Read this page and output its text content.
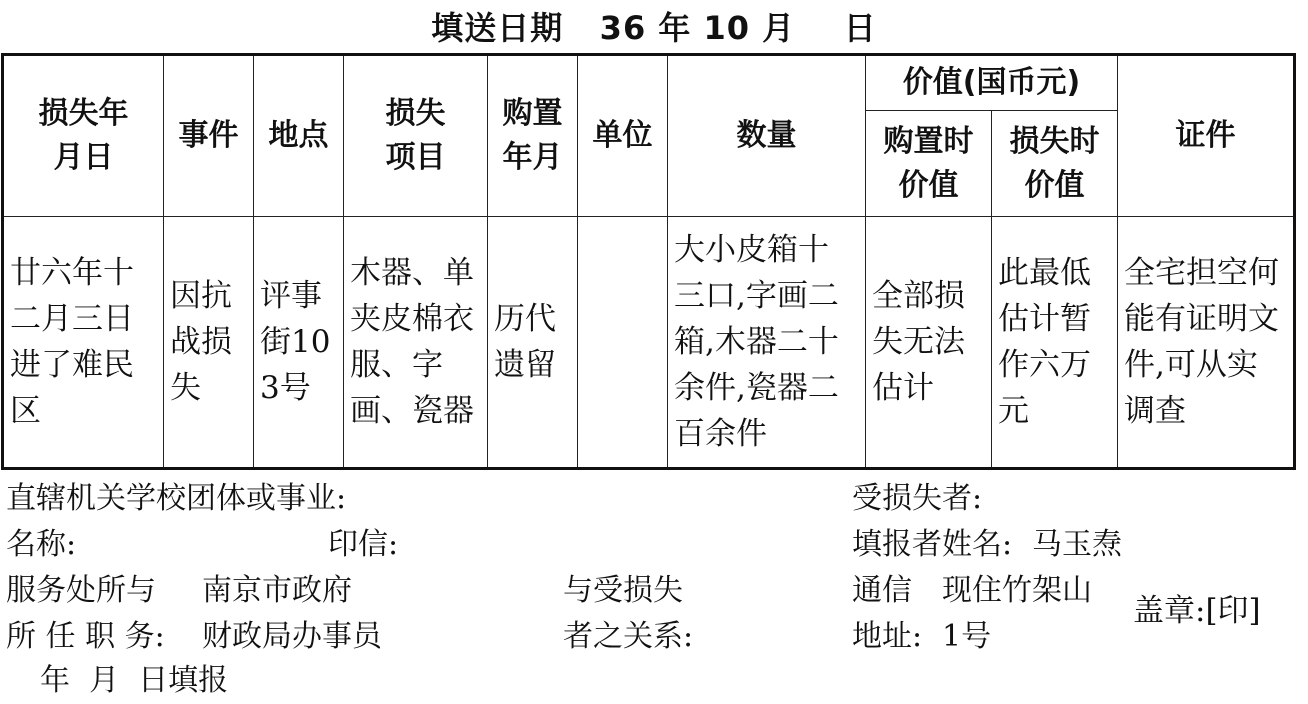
填送日期 36 年 10 月 日
损失年月日	事件	地点	损失项目	购置年月	单位	数量	价值(国币元)		证件

							购置时价值	损失时价值	

廿六年十二月三日进了难民区	因抗战损失	评事街103号	木器、单夹皮棉衣服、字画、瓷器	历代遗留		大小皮箱十三口,字画二箱,木器二十余件,瓷器二百余件	全部损失无法估计	此最低估计暂作六万元	全宅担空何能有证明文件,可从实调查
直辖机关学校团体或事业:
名称:	印信:
服务处所与 南京市政府
所 任 职 务: 财政局办事员
年  月  日填报
与受损失
者之关系:
受损失者:
填报者姓名: 马玉焘
通信 现住竹架山
地址: 1号
盖章:[印]
